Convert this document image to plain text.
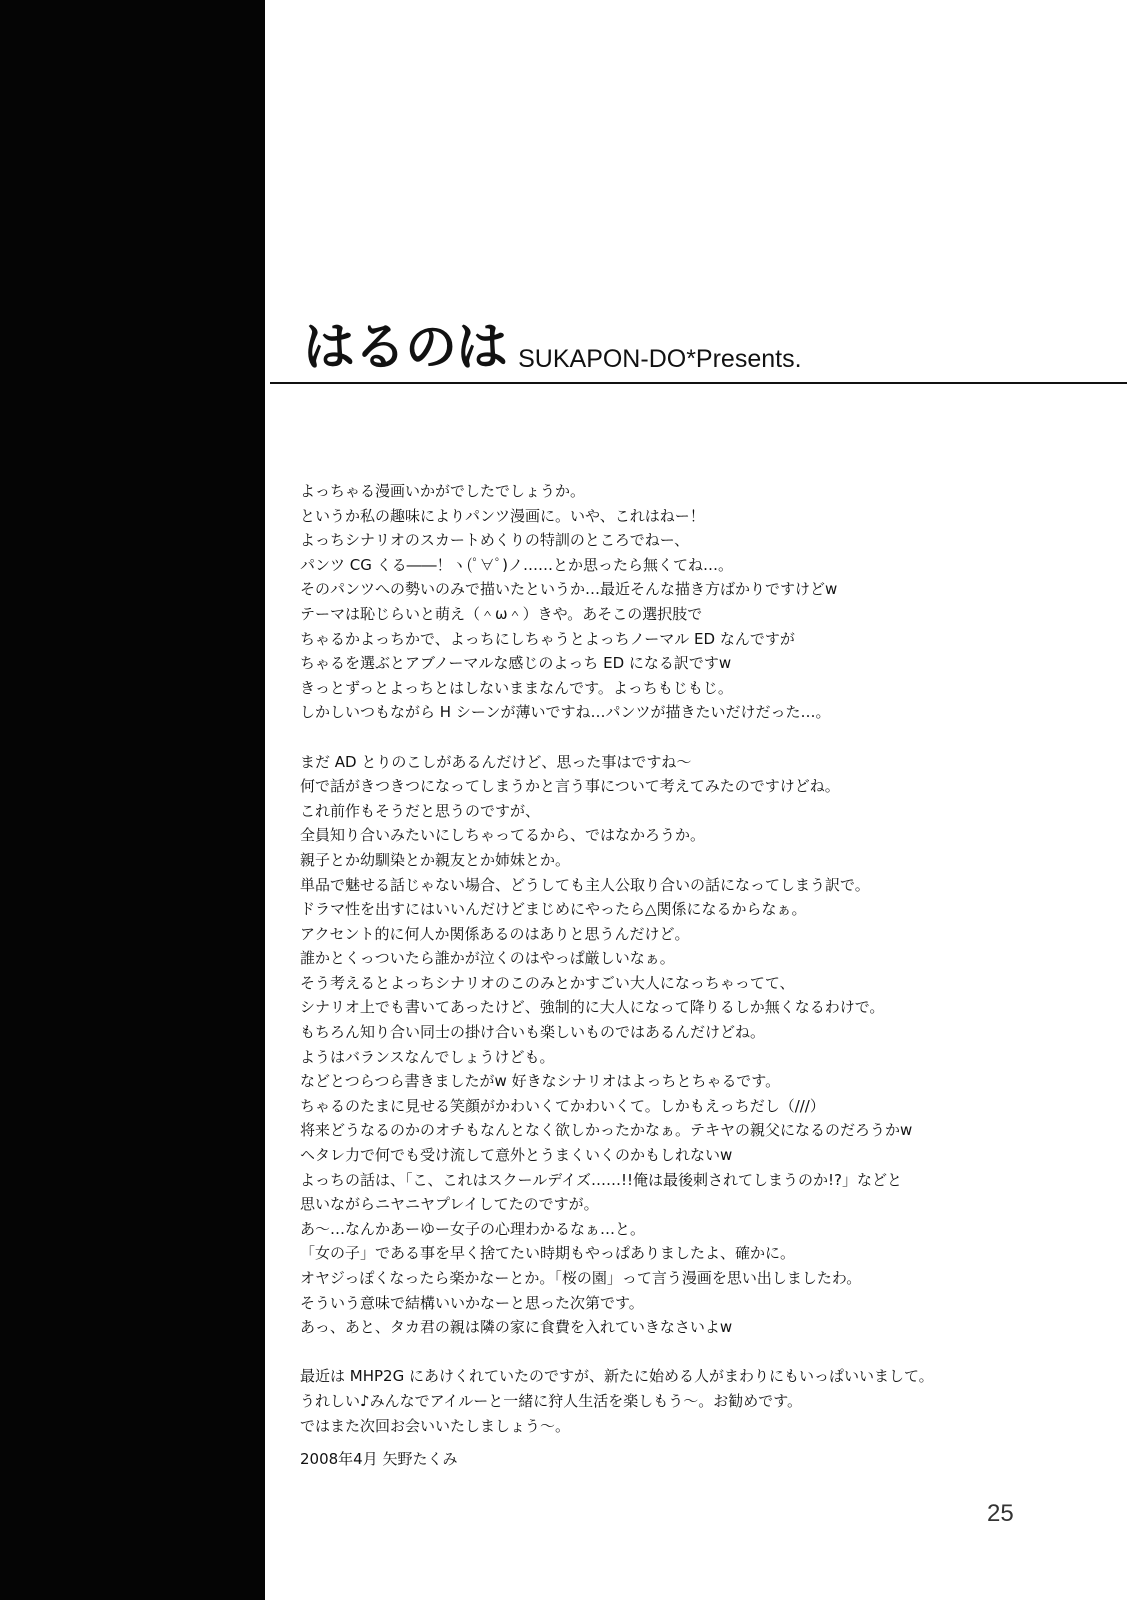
はるのは SUKAPON-DO*Presents.
よっちゃる漫画いかがでしたでしょうか。
というか私の趣味によりパンツ漫画に。いや、これはねー！
よっちシナリオのスカートめくりの特訓のところでねー、
パンツ CG くる――！ヽ(ﾟ∀ﾟ)ノ……とか思ったら無くてね…。
そのパンツへの勢いのみで描いたというか…最近そんな描き方ばかりですけどw
テーマは恥じらいと萌え（＾ω＾）きや。あそこの選択肢で
ちゃるかよっちかで、よっちにしちゃうとよっちノーマル ED なんですが
ちゃるを選ぶとアブノーマルな感じのよっち ED になる訳ですw
きっとずっとよっちとはしないままなんです。よっちもじもじ。
しかしいつもながら H シーンが薄いですね…パンツが描きたいだけだった…。
まだ AD とりのこしがあるんだけど、思った事はですね～
何で話がきつきつになってしまうかと言う事について考えてみたのですけどね。
これ前作もそうだと思うのですが、
全員知り合いみたいにしちゃってるから、ではなかろうか。
親子とか幼馴染とか親友とか姉妹とか。
単品で魅せる話じゃない場合、どうしても主人公取り合いの話になってしまう訳で。
ドラマ性を出すにはいいんだけどまじめにやったら△関係になるからなぁ。
アクセント的に何人か関係あるのはありと思うんだけど。
誰かとくっついたら誰かが泣くのはやっぱ厳しいなぁ。
そう考えるとよっちシナリオのこのみとかすごい大人になっちゃってて、
シナリオ上でも書いてあったけど、強制的に大人になって降りるしか無くなるわけで。
もちろん知り合い同士の掛け合いも楽しいものではあるんだけどね。
ようはバランスなんでしょうけども。
などとつらつら書きましたがw 好きなシナリオはよっちとちゃるです。
ちゃるのたまに見せる笑顔がかわいくてかわいくて。しかもえっちだし（///）
将来どうなるのかのオチもなんとなく欲しかったかなぁ。テキヤの親父になるのだろうかw
ヘタレ力で何でも受け流して意外とうまくいくのかもしれないw
よっちの話は、「こ、これはスクールデイズ……!!俺は最後刺されてしまうのか!?」などと
思いながらニヤニヤプレイしてたのですが。
あ～…なんかあーゆー女子の心理わかるなぁ…と。
「女の子」である事を早く捨てたい時期もやっぱありましたよ、確かに。
オヤジっぽくなったら楽かなーとか。「桜の園」って言う漫画を思い出しましたわ。
そういう意味で結構いいかなーと思った次第です。
あっ、あと、タカ君の親は隣の家に食費を入れていきなさいよw
最近は MHP2G にあけくれていたのですが、新たに始める人がまわりにもいっぱいいまして。
うれしい♪みんなでアイルーと一緒に狩人生活を楽しもう～。お勧めです。
ではまた次回お会いいたしましょう～。
2008年4月 矢野たくみ
25
